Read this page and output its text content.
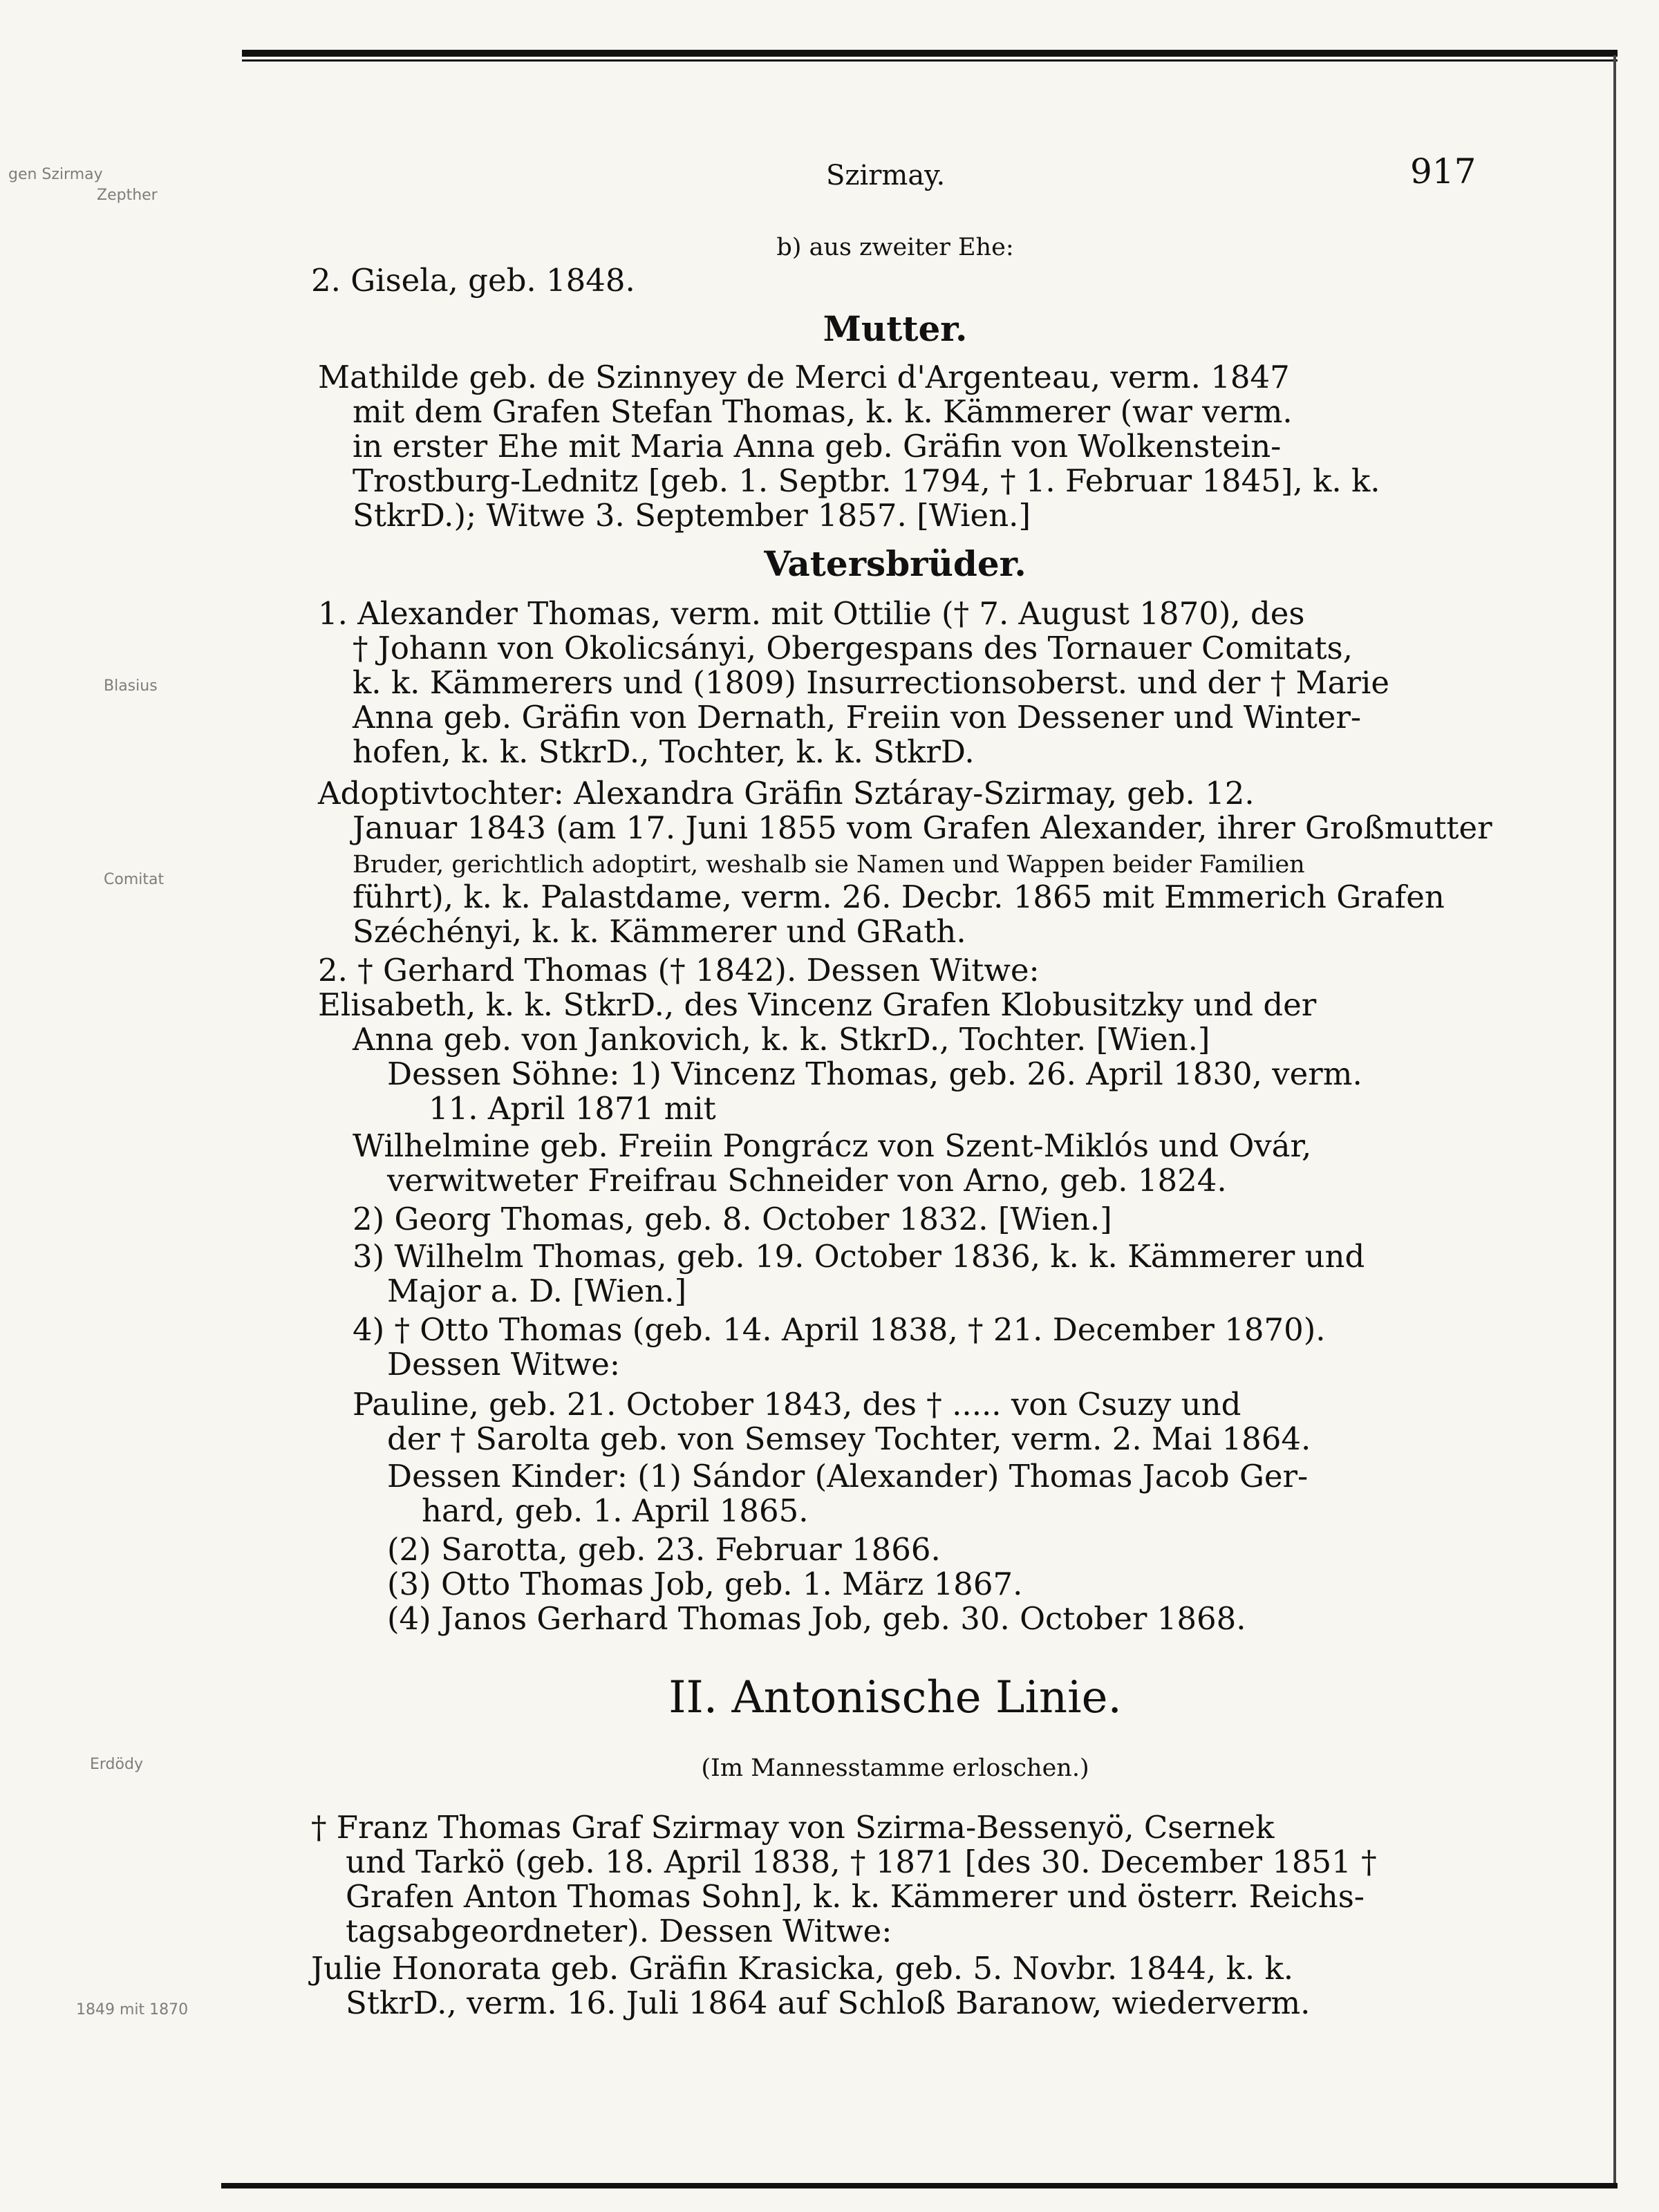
gen Szirmay
Zepther
Blasius
Comitat
Erdödy
1849 mit 1870
Szirmay.	917
b) aus zweiter Ehe:
2. Gisela, geb. 1848.
Mutter.
Mathilde geb. de Szinnyey de Merci d'Argenteau, verm. 1847
mit dem Grafen Stefan Thomas, k. k. Kämmerer (war verm.
in erster Ehe mit Maria Anna geb. Gräfin von Wolkenstein-
Trostburg-Lednitz [geb. 1. Septbr. 1794, † 1. Februar 1845], k. k.
StkrD.); Witwe 3. September 1857. [Wien.]
Vatersbrüder.
1. Alexander Thomas, verm. mit Ottilie († 7. August 1870), des
† Johann von Okolicsányi, Obergespans des Tornauer Comitats,
k. k. Kämmerers und (1809) Insurrectionsoberst. und der † Marie
Anna geb. Gräfin von Dernath, Freiin von Dessener und Winter-
hofen, k. k. StkrD., Tochter, k. k. StkrD.
Adoptivtochter: Alexandra Gräfin Sztáray-Szirmay, geb. 12.
Januar 1843 (am 17. Juni 1855 vom Grafen Alexander, ihrer Großmutter
Bruder, gerichtlich adoptirt, weshalb sie Namen und Wappen beider Familien
führt), k. k. Palastdame, verm. 26. Decbr. 1865 mit Emmerich Grafen
Széchényi, k. k. Kämmerer und GRath.
2. † Gerhard Thomas († 1842). Dessen Witwe:
Elisabeth, k. k. StkrD., des Vincenz Grafen Klobusitzky und der
Anna geb. von Jankovich, k. k. StkrD., Tochter. [Wien.]
Dessen Söhne: 1) Vincenz Thomas, geb. 26. April 1830, verm.
11. April 1871 mit
Wilhelmine geb. Freiin Pongrácz von Szent-Miklós und Ovár,
verwitweter Freifrau Schneider von Arno, geb. 1824.
2) Georg Thomas, geb. 8. October 1832. [Wien.]
3) Wilhelm Thomas, geb. 19. October 1836, k. k. Kämmerer und
Major a. D. [Wien.]
4) † Otto Thomas (geb. 14. April 1838, † 21. December 1870).
Dessen Witwe:
Pauline, geb. 21. October 1843, des † ..... von Csuzy und
der † Sarolta geb. von Semsey Tochter, verm. 2. Mai 1864.
Dessen Kinder: (1) Sándor (Alexander) Thomas Jacob Ger-
hard, geb. 1. April 1865.
(2) Sarotta, geb. 23. Februar 1866.
(3) Otto Thomas Job, geb. 1. März 1867.
(4) Janos Gerhard Thomas Job, geb. 30. October 1868.
II. Antonische Linie.
(Im Mannesstamme erloschen.)
† Franz Thomas Graf Szirmay von Szirma-Bessenyö, Csernek
und Tarkö (geb. 18. April 1838, † 1871 [des 30. December 1851 †
Grafen Anton Thomas Sohn], k. k. Kämmerer und österr. Reichs-
tagsabgeordneter). Dessen Witwe:
Julie Honorata geb. Gräfin Krasicka, geb. 5. Novbr. 1844, k. k.
StkrD., verm. 16. Juli 1864 auf Schloß Baranow, wiederverm.
